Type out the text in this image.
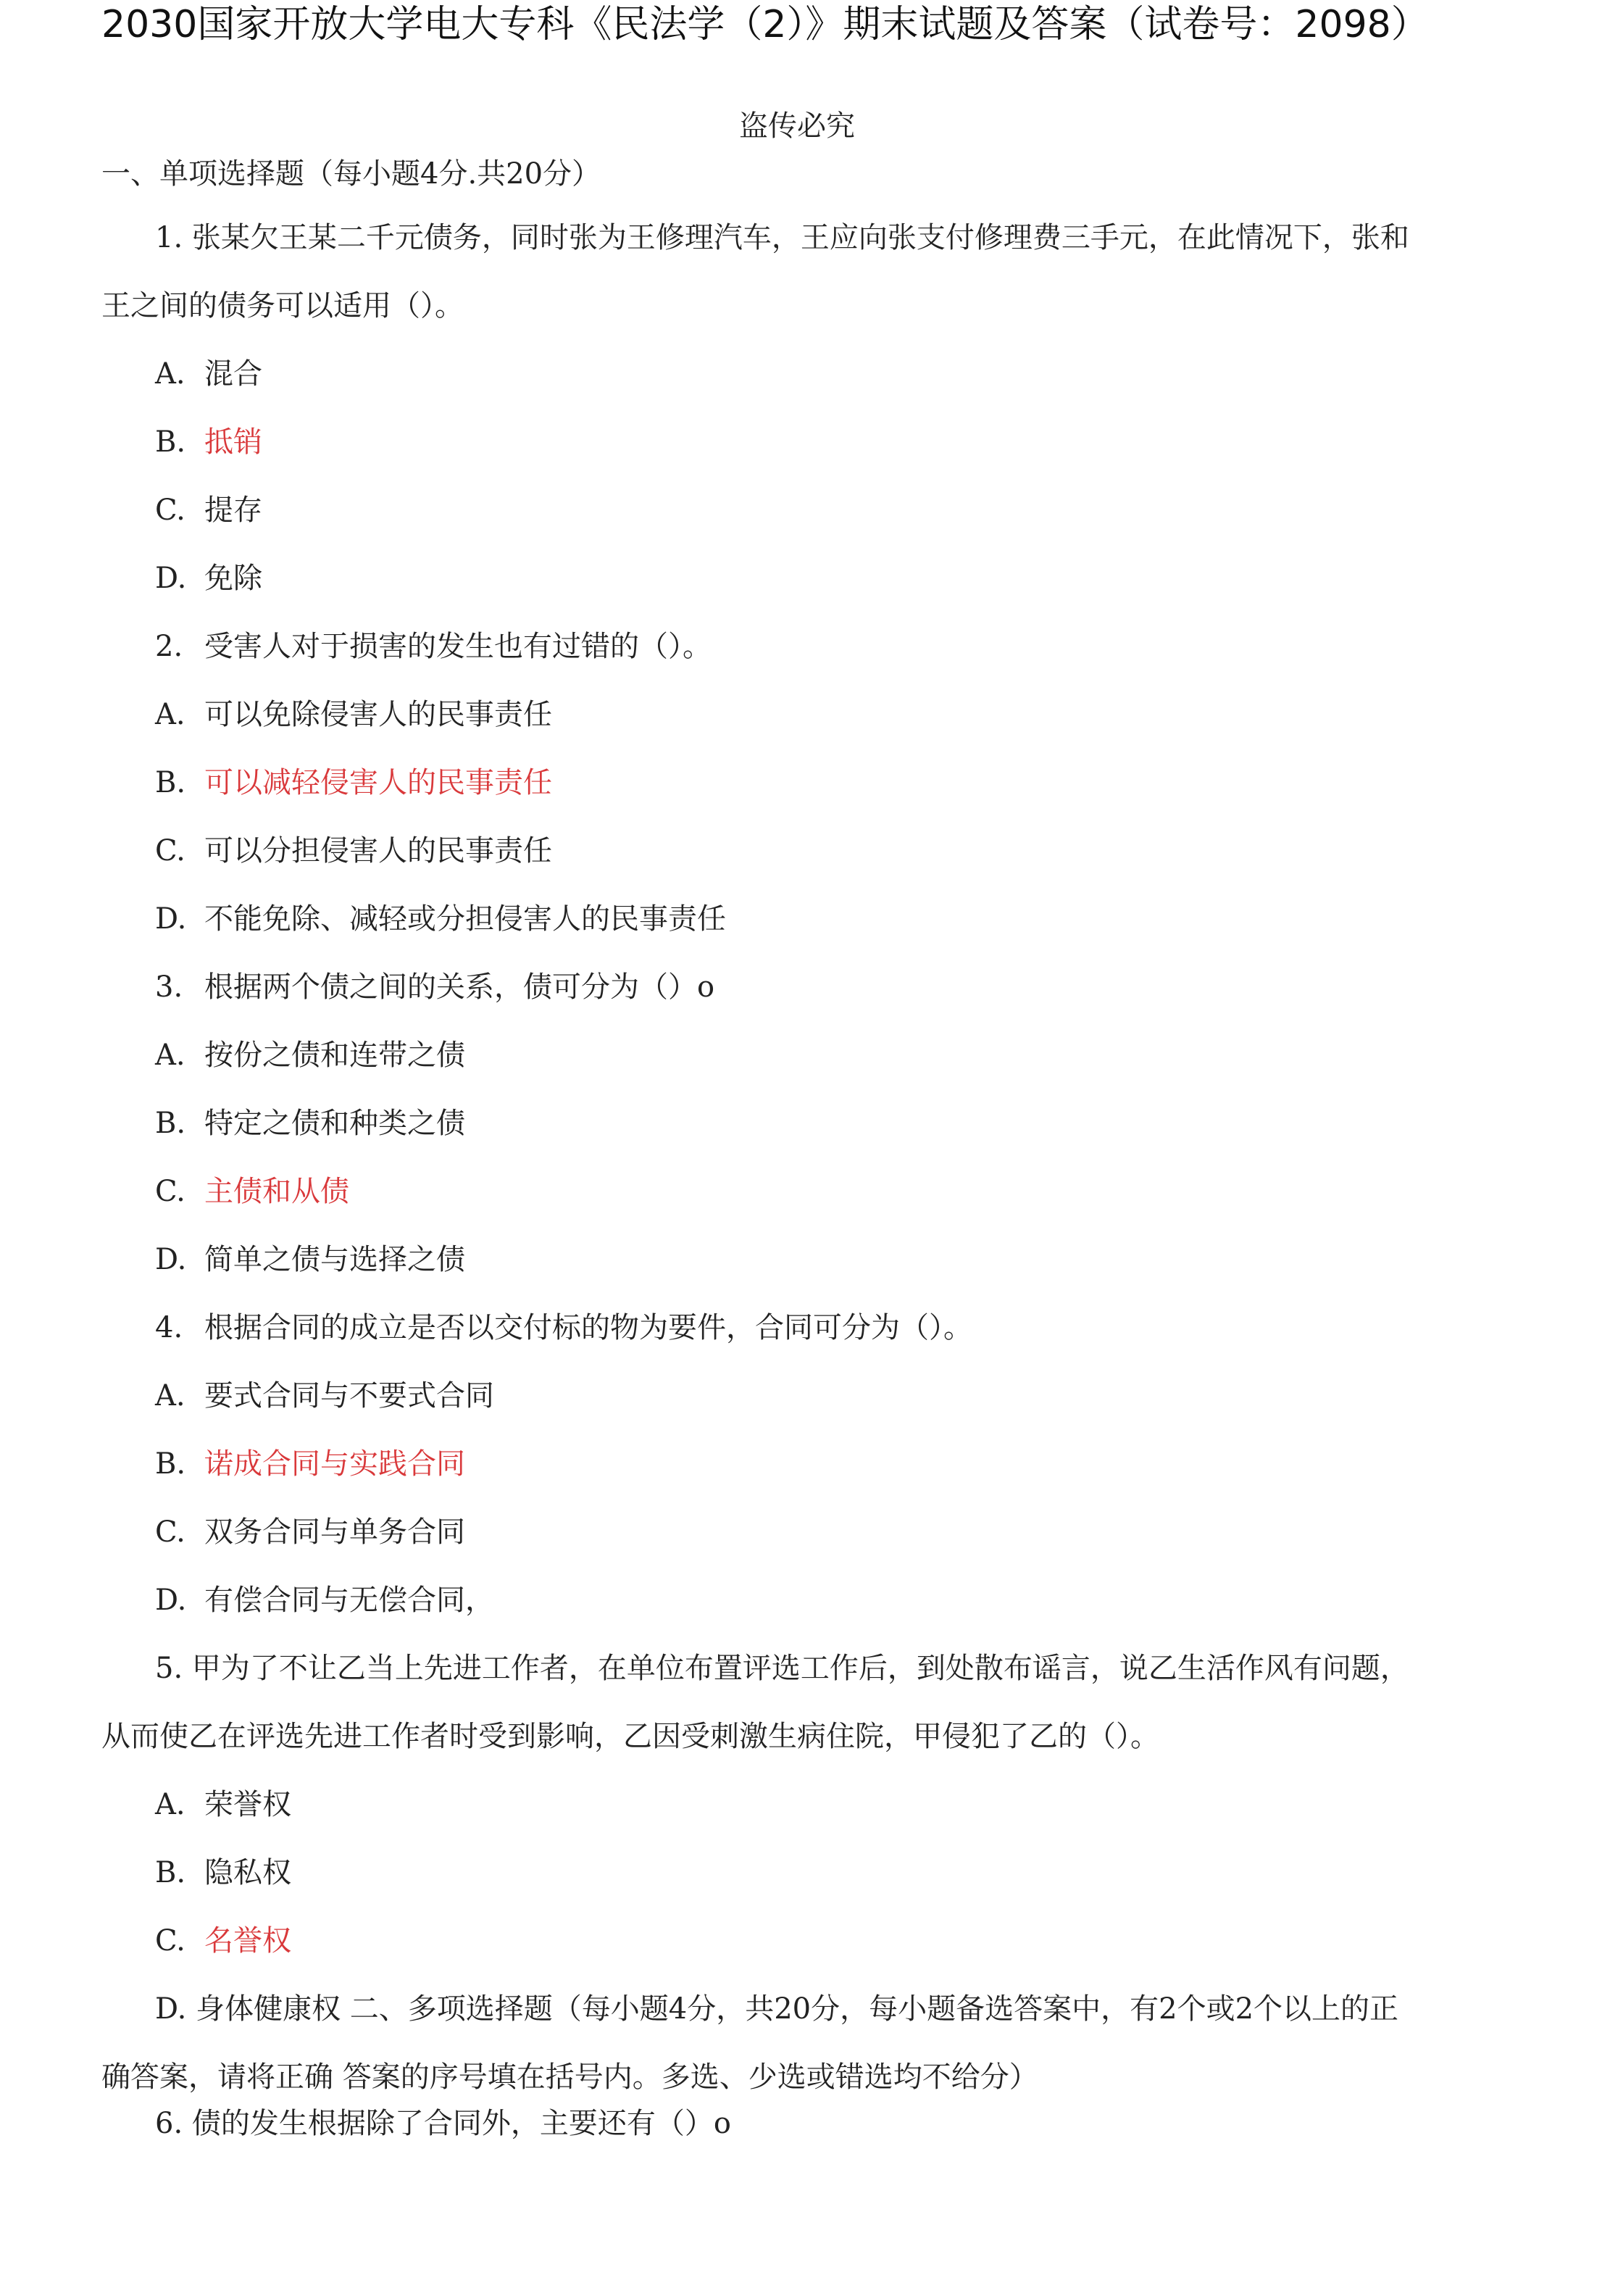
2030国家开放大学电大专科《民法学（2）》期末试题及答案（试卷号：2098）
盗传必究
一、单项选择题（每小题4分.共20分）
1. 张某欠王某二千元债务，同时张为王修理汽车，王应向张支付修理费三手元，在此情况下，张和
王之间的债务可以适用（）。
A. 混合
B. 抵销
C. 提存
D. 免除
2. 受害人对于损害的发生也有过错的（）。
A. 可以免除侵害人的民事责任
B. 可以减轻侵害人的民事责任
C. 可以分担侵害人的民事责任
D. 不能免除、减轻或分担侵害人的民事责任
3. 根据两个债之间的关系，债可分为（）o
A. 按份之债和连带之债
B. 特定之债和种类之债
C. 主债和从债
D. 简单之债与选择之债
4. 根据合同的成立是否以交付标的物为要件，合同可分为（）。
A. 要式合同与不要式合同
B. 诺成合同与实践合同
C. 双务合同与单务合同
D. 有偿合同与无偿合同，
5. 甲为了不让乙当上先进工作者，在单位布置评选工作后，到处散布谣言，说乙生活作风有问题，
从而使乙在评选先进工作者时受到影响，乙因受刺激生病住院，甲侵犯了乙的（）。
A. 荣誉权
B. 隐私权
C. 名誉权
D. 身体健康权 二、多项选择题（每小题4分，共20分，每小题备选答案中，有2个或2个以上的正
确答案，请将正确 答案的序号填在括号内。多选、少选或错选均不给分）
6. 债的发生根据除了合同外，主要还有（）o
